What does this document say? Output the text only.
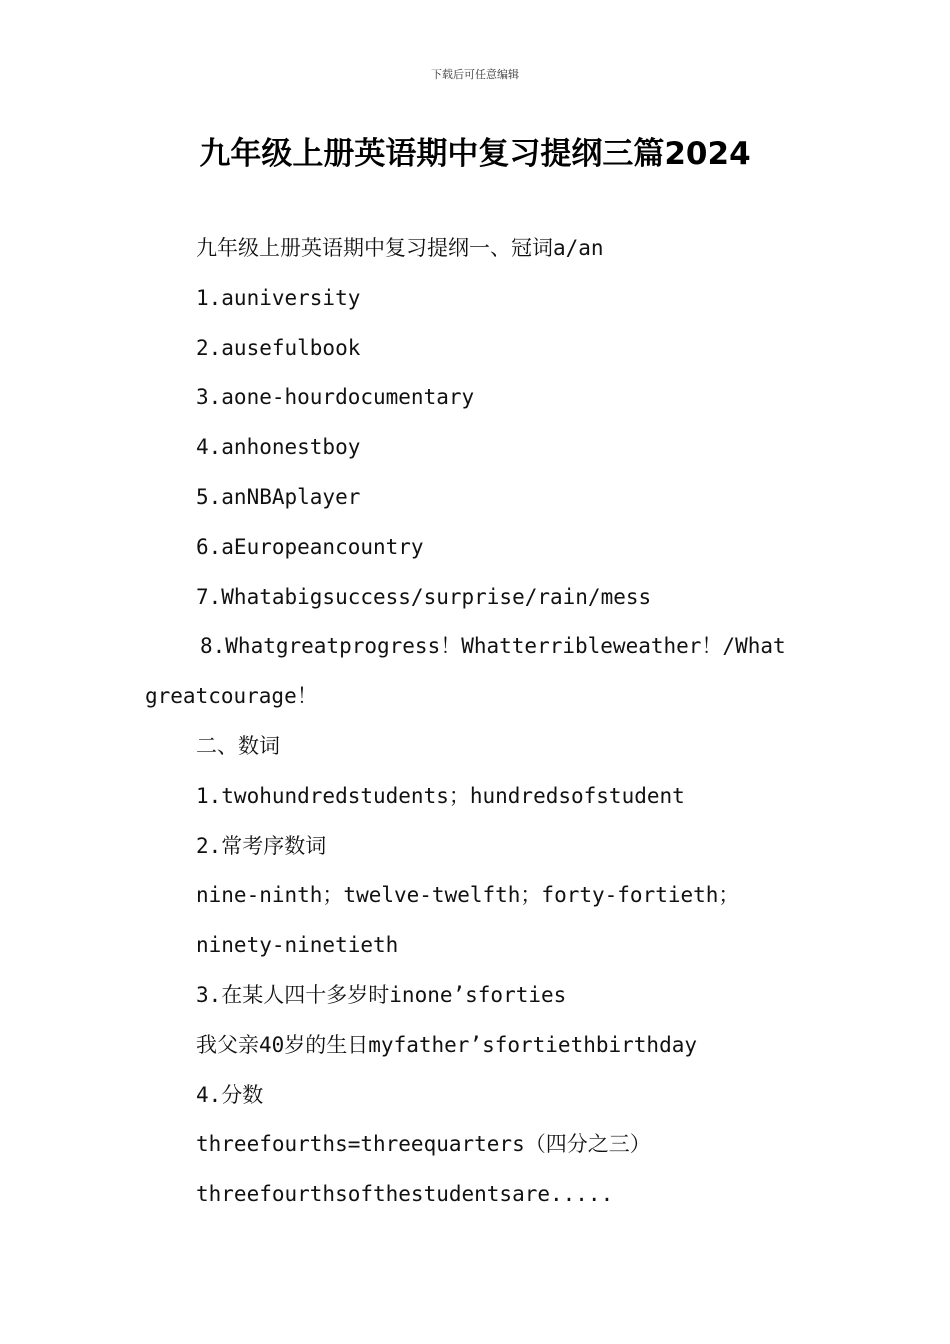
下载后可任意编辑
九年级上册英语期中复习提纲三篇2024
九年级上册英语期中复习提纲一、冠词a/an
1.auniversity
2.ausefulbook
3.aone-hourdocumentary
4.anhonestboy
5.anNBAplayer
6.aEuropeancountry
7.Whatabigsuccess/surprise/rain/mess
8.Whatgreatprogress！Whatterribleweather！/What
greatcourage！
二、数词
1.twohundredstudents；hundredsofstudent
2.常考序数词
nine-ninth；twelve-twelfth；forty-fortieth；
ninety-ninetieth
3.在某人四十多岁时inone’sforties
我父亲40岁的生日myfather’sfortiethbirthday
4.分数
threefourths=threequarters（四分之三）
threefourthsofthestudentsare.....
